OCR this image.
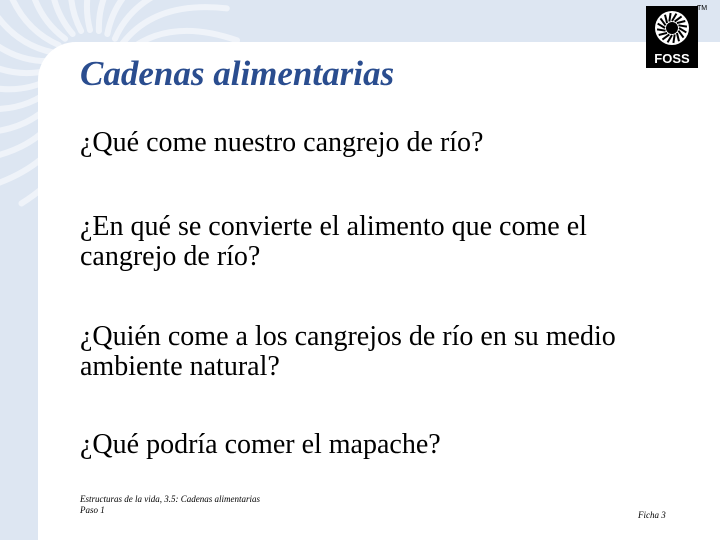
FOSS
TM
Cadenas alimentarias

¿Qué come nuestro cangrejo de río?

¿En qué se convierte el alimento que come el cangrejo de río?

¿Quién come a los cangrejos de río en su medio ambiente natural?

¿Qué podría comer el mapache?

Estructuras de la vida, 3.5: Cadenas alimentarias
Paso 1	Ficha 3
